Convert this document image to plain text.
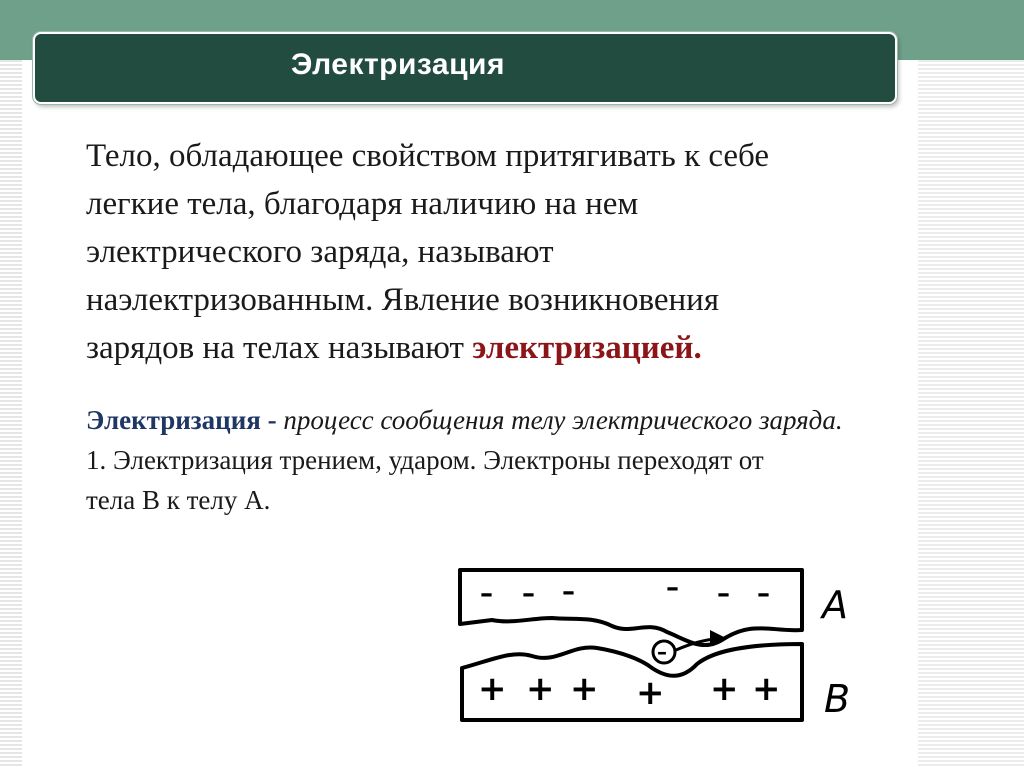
Электризация
Тело, обладающее свойством притягивать к себе
легкие тела, благодаря наличию на нем
электрического заряда, называют
наэлектризованным. Явление возникновения
зарядов на телах называют электризацией.
Электризация - процесс сообщения телу электрического заряда.
1. Электризация трением, ударом. Электроны переходят от
тела В к телу А.
– – –	– – –
+ + + + + +
–
A
B
